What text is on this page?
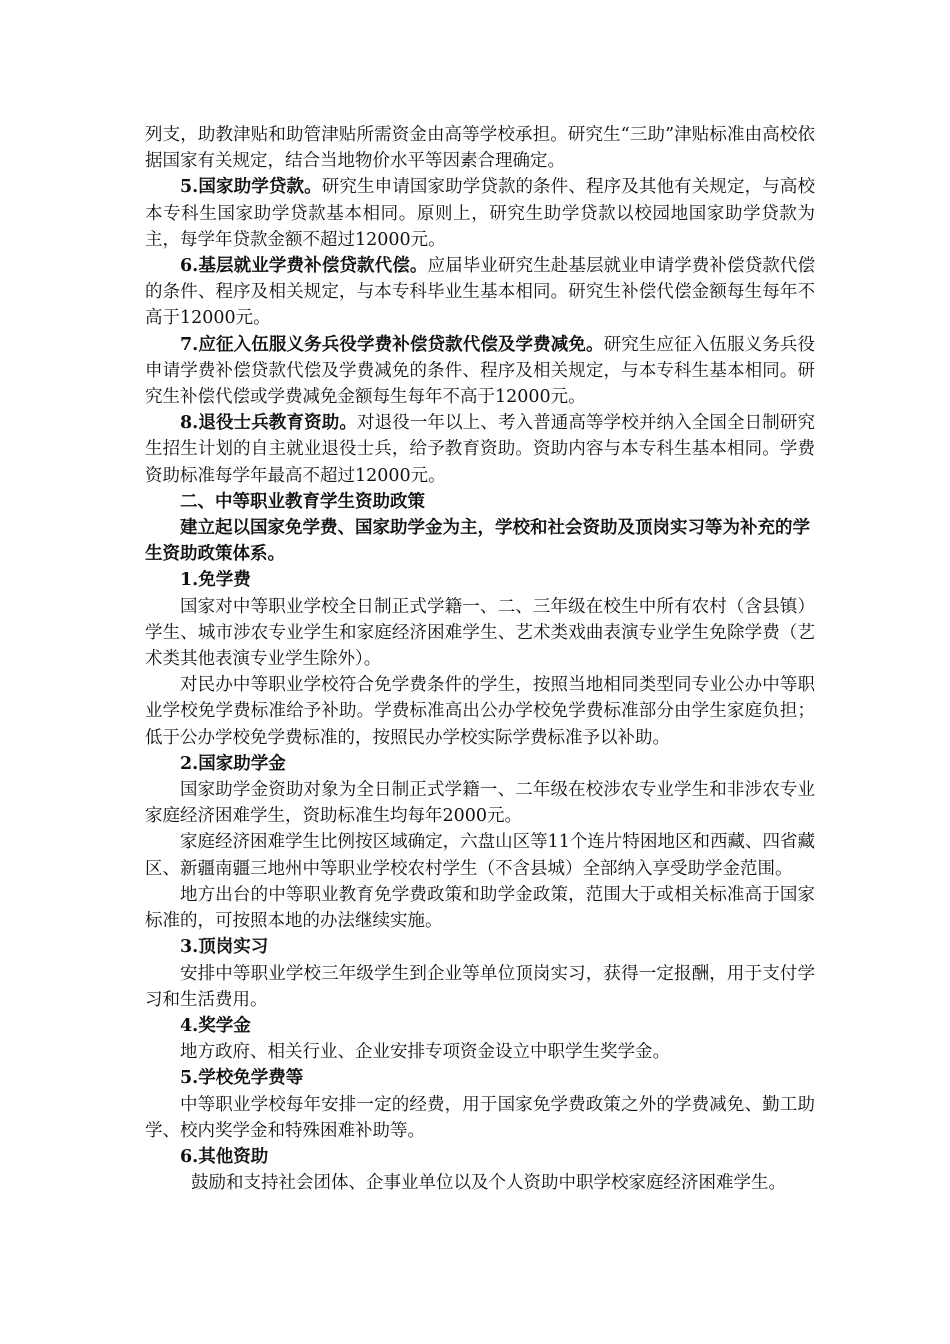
列支，助教津贴和助管津贴所需资金由高等学校承担。研究生“三助”津贴标准由高校依据国家有关规定，结合当地物价水平等因素合理确定。

5.国家助学贷款。研究生申请国家助学贷款的条件、程序及其他有关规定，与高校本专科生国家助学贷款基本相同。原则上，研究生助学贷款以校园地国家助学贷款为主，每学年贷款金额不超过12000元。

6.基层就业学费补偿贷款代偿。应届毕业研究生赴基层就业申请学费补偿贷款代偿的条件、程序及相关规定，与本专科毕业生基本相同。研究生补偿代偿金额每生每年不高于12000元。

7.应征入伍服义务兵役学费补偿贷款代偿及学费减免。研究生应征入伍服义务兵役申请学费补偿贷款代偿及学费减免的条件、程序及相关规定，与本专科生基本相同。研究生补偿代偿或学费减免金额每生每年不高于12000元。

8.退役士兵教育资助。对退役一年以上、考入普通高等学校并纳入全国全日制研究生招生计划的自主就业退役士兵，给予教育资助。资助内容与本专科生基本相同。学费资助标准每学年最高不超过12000元。

二、中等职业教育学生资助政策

建立起以国家免学费、国家助学金为主，学校和社会资助及顶岗实习等为补充的学生资助政策体系。

1.免学费

国家对中等职业学校全日制正式学籍一、二、三年级在校生中所有农村（含县镇）学生、城市涉农专业学生和家庭经济困难学生、艺术类戏曲表演专业学生免除学费（艺术类其他表演专业学生除外）。

对民办中等职业学校符合免学费条件的学生，按照当地相同类型同专业公办中等职业学校免学费标准给予补助。学费标准高出公办学校免学费标准部分由学生家庭负担；低于公办学校免学费标准的，按照民办学校实际学费标准予以补助。

2.国家助学金

国家助学金资助对象为全日制正式学籍一、二年级在校涉农专业学生和非涉农专业家庭经济困难学生，资助标准生均每年2000元。

家庭经济困难学生比例按区域确定，六盘山区等11个连片特困地区和西藏、四省藏区、新疆南疆三地州中等职业学校农村学生（不含县城）全部纳入享受助学金范围。

地方出台的中等职业教育免学费政策和助学金政策，范围大于或相关标准高于国家标准的，可按照本地的办法继续实施。

3.顶岗实习

安排中等职业学校三年级学生到企业等单位顶岗实习，获得一定报酬，用于支付学习和生活费用。

4.奖学金

地方政府、相关行业、企业安排专项资金设立中职学生奖学金。

5.学校免学费等

中等职业学校每年安排一定的经费，用于国家免学费政策之外的学费减免、勤工助学、校内奖学金和特殊困难补助等。

6.其他资助

鼓励和支持社会团体、企事业单位以及个人资助中职学校家庭经济困难学生。
